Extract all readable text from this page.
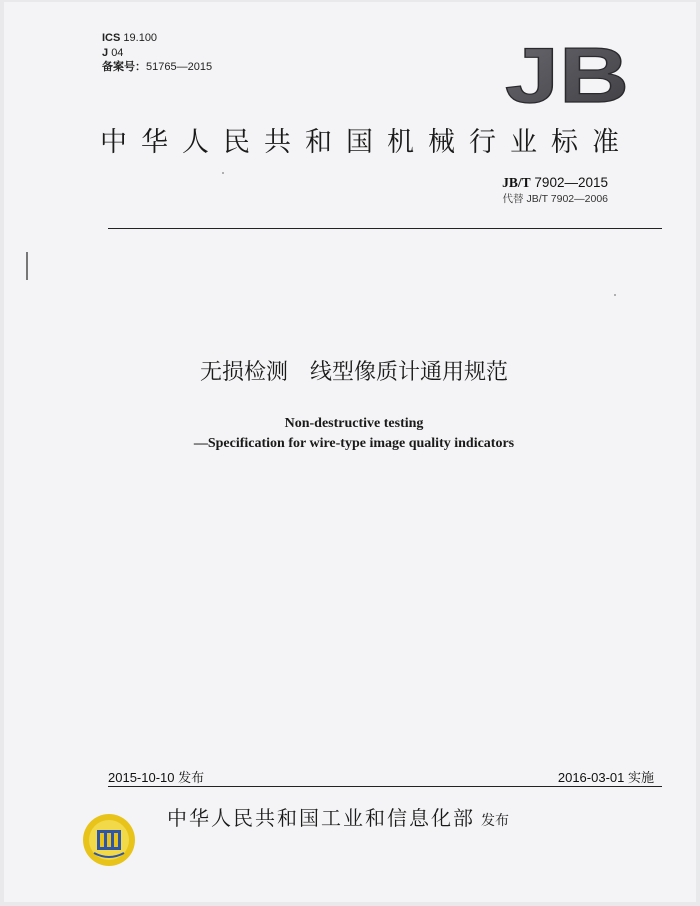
ICS 19.100
J 04
备案号：51765—2015	JB
中华人民共和国机械行业标准
JB/T 7902—2015
代替 JB/T 7902—2006
无损检测　线型像质计通用规范
Non-destructive testing
—Specification for wire-type image quality indicators
2015-10-10 发布	2016-03-01 实施
中华人民共和国工业和信息化部 发布
